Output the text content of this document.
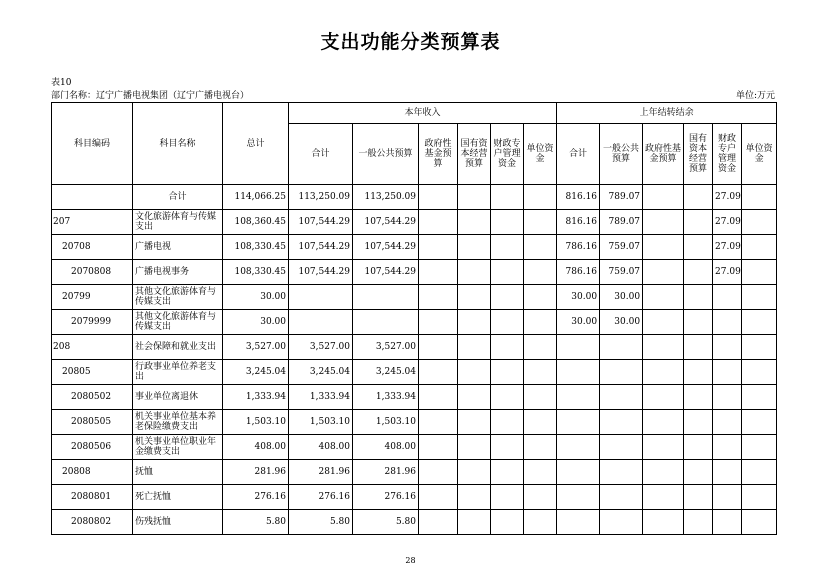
支出功能分类预算表
表10
部门名称：辽宁广播电视集团（辽宁广播电视台）	单位:万元
科目编码	科目名称	总计	本年收入						上年结转结余					
			合计	一般公共预算	政府性基金预算	国有资本经营预算	财政专户管理资金	单位资金	合计	一般公共预算	政府性基金预算	国有资本经营预算	财政专户管理资金	单位资金
	合计	114,066.25	113,250.09	113,250.09					816.16	789.07			27.09	
207	文化旅游体育与传媒支出	108,360.45	107,544.29	107,544.29					816.16	789.07			27.09	
20708	广播电视	108,330.45	107,544.29	107,544.29					786.16	759.07			27.09	
2070808	广播电视事务	108,330.45	107,544.29	107,544.29					786.16	759.07			27.09	
20799	其他文化旅游体育与传媒支出	30.00							30.00	30.00				
2079999	其他文化旅游体育与传媒支出	30.00							30.00	30.00				
208	社会保障和就业支出	3,527.00	3,527.00	3,527.00										
20805	行政事业单位养老支出	3,245.04	3,245.04	3,245.04										
2080502	事业单位离退休	1,333.94	1,333.94	1,333.94										
2080505	机关事业单位基本养老保险缴费支出	1,503.10	1,503.10	1,503.10										
2080506	机关事业单位职业年金缴费支出	408.00	408.00	408.00										
20808	抚恤	281.96	281.96	281.96										
2080801	死亡抚恤	276.16	276.16	276.16										
2080802	伤残抚恤	5.80	5.80	5.80										
28
